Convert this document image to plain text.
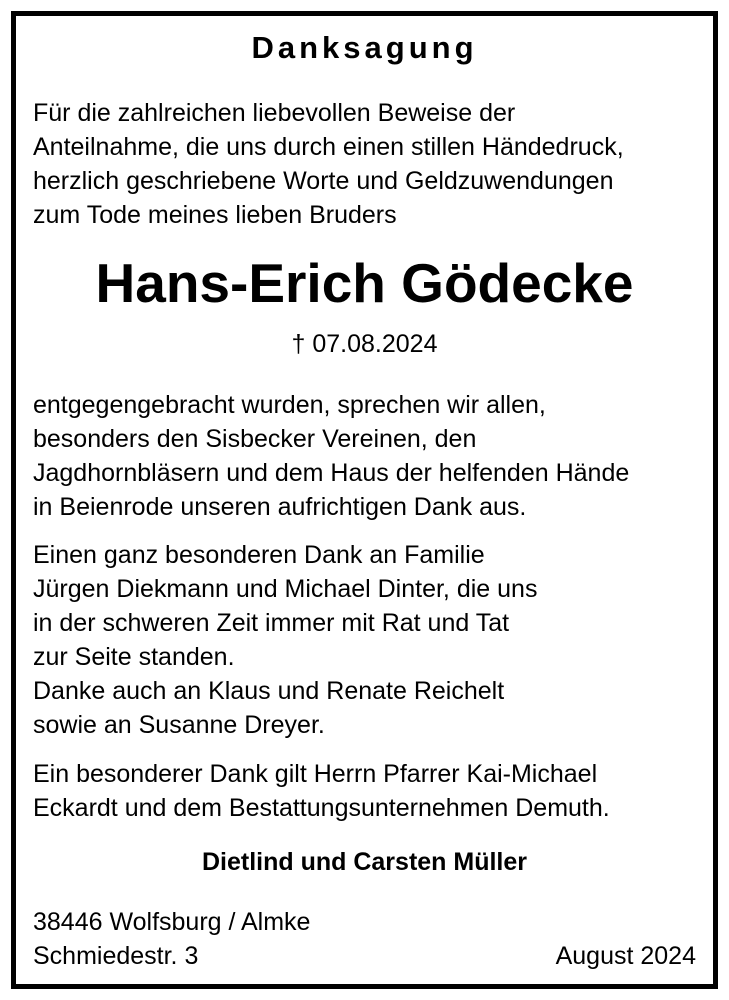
Danksagung
Für die zahlreichen liebevollen Beweise der
Anteilnahme, die uns durch einen stillen Händedruck,
herzlich geschriebene Worte und Geldzuwendungen
zum Tode meines lieben Bruders
Hans-Erich Gödecke
† 07.08.2024
entgegengebracht wurden, sprechen wir allen,
besonders den Sisbecker Vereinen, den
Jagdhornbläsern und dem Haus der helfenden Hände
in Beienrode unseren aufrichtigen Dank aus.
Einen ganz besonderen Dank an Familie
Jürgen Diekmann und Michael Dinter, die uns
in der schweren Zeit immer mit Rat und Tat
zur Seite standen.
Danke auch an Klaus und Renate Reichelt
sowie an Susanne Dreyer.
Ein besonderer Dank gilt Herrn Pfarrer Kai-Michael
Eckardt und dem Bestattungsunternehmen Demuth.
Dietlind und Carsten Müller
38446 Wolfsburg / Almke
Schmiedestr. 3	August 2024
